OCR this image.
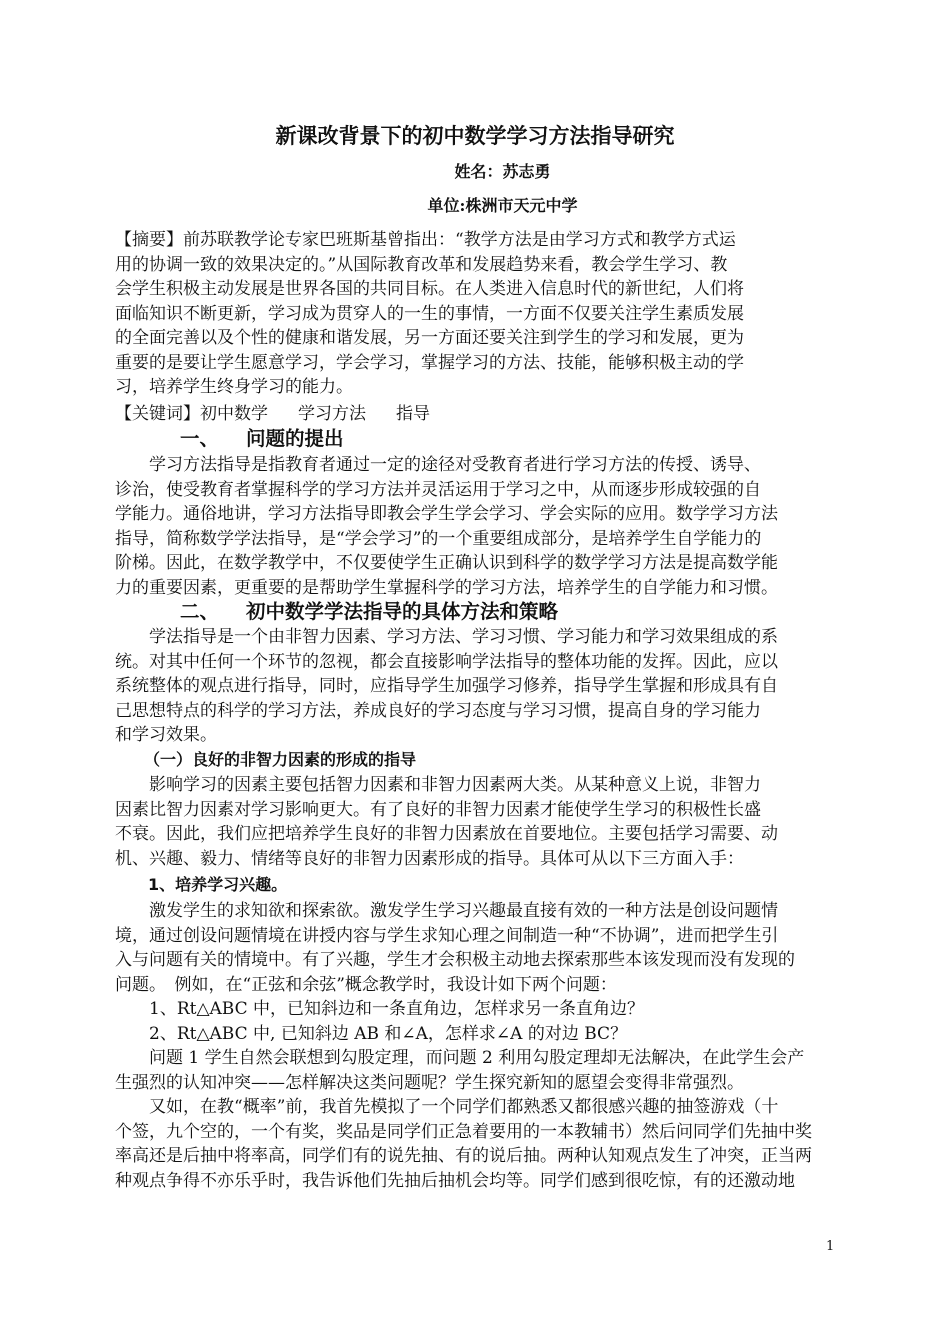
新课改背景下的初中数学学习方法指导研究

姓名：苏志勇

单位:株洲市天元中学

【摘要】前苏联教学论专家巴班斯基曾指出：“教学方法是由学习方式和教学方式运
用的协调一致的效果决定的。”从国际教育改革和发展趋势来看，教会学生学习、教
会学生积极主动发展是世界各国的共同目标。在人类进入信息时代的新世纪，人们将
面临知识不断更新，学习成为贯穿人的一生的事情，一方面不仅要关注学生素质发展
的全面完善以及个性的健康和谐发展，另一方面还要关注到学生的学习和发展，更为
重要的是要让学生愿意学习，学会学习，掌握学习的方法、技能，能够积极主动的学
习，培养学生终身学习的能力。

【关键词】初中数学 学习方法 指导

一、 问题的提出
　　学习方法指导是指教育者通过一定的途径对受教育者进行学习方法的传授、诱导、
诊治，使受教育者掌握科学的学习方法并灵活运用于学习之中，从而逐步形成较强的自
学能力。通俗地讲，学习方法指导即教会学生学会学习、学会实际的应用。数学学习方法
指导，简称数学学法指导，是“学会学习”的一个重要组成部分，是培养学生自学能力的
阶梯。因此，在数学教学中，不仅要使学生正确认识到科学的数学学习方法是提高数学能
力的重要因素，更重要的是帮助学生掌握科学的学习方法，培养学生的自学能力和习惯。
二、 初中数学学法指导的具体方法和策略
　　学法指导是一个由非智力因素、学习方法、学习习惯、学习能力和学习效果组成的系
统。对其中任何一个环节的忽视，都会直接影响学法指导的整体功能的发挥。因此，应以
系统整体的观点进行指导，同时，应指导学生加强学习修养，指导学生掌握和形成具有自
己思想特点的科学的学习方法，养成良好的学习态度与学习习惯，提高自身的学习能力
和学习效果。
（一）良好的非智力因素的形成的指导
　　影响学习的因素主要包括智力因素和非智力因素两大类。从某种意义上说，非智力
因素比智力因素对学习影响更大。有了良好的非智力因素才能使学生学习的积极性长盛
不衰。因此，我们应把培养学生良好的非智力因素放在首要地位。主要包括学习需要、动
机、兴趣、毅力、情绪等良好的非智力因素形成的指导。具体可从以下三方面入手：
1、培养学习兴趣。
　　激发学生的求知欲和探索欲。激发学生学习兴趣最直接有效的一种方法是创设问题情
境，通过创设问题情境在讲授内容与学生求知心理之间制造一种“不协调”，进而把学生引
入与问题有关的情境中。有了兴趣，学生才会积极主动地去探索那些本该发现而没有发现的
问题。　例如，在“正弦和余弦”概念教学时，我设计如下两个问题：
　　1、Rt△ABC 中，已知斜边和一条直角边，怎样求另一条直角边？
　　2、Rt△ABC 中, 已知斜边 AB 和∠A，怎样求∠A 的对边 BC？
　　问题 1 学生自然会联想到勾股定理，而问题 2 利用勾股定理却无法解决，在此学生会产
生强烈的认知冲突——怎样解决这类问题呢？学生探究新知的愿望会变得非常强烈。
　　又如，在教“概率”前，我首先模拟了一个同学们都熟悉又都很感兴趣的抽签游戏（十
个签，九个空的，一个有奖，奖品是同学们正急着要用的一本教辅书）然后问同学们先抽中奖
率高还是后抽中将率高，同学们有的说先抽、有的说后抽。两种认知观点发生了冲突，正当两
种观点争得不亦乐乎时，我告诉他们先抽后抽机会均等。同学们感到很吃惊，有的还激动地

1
